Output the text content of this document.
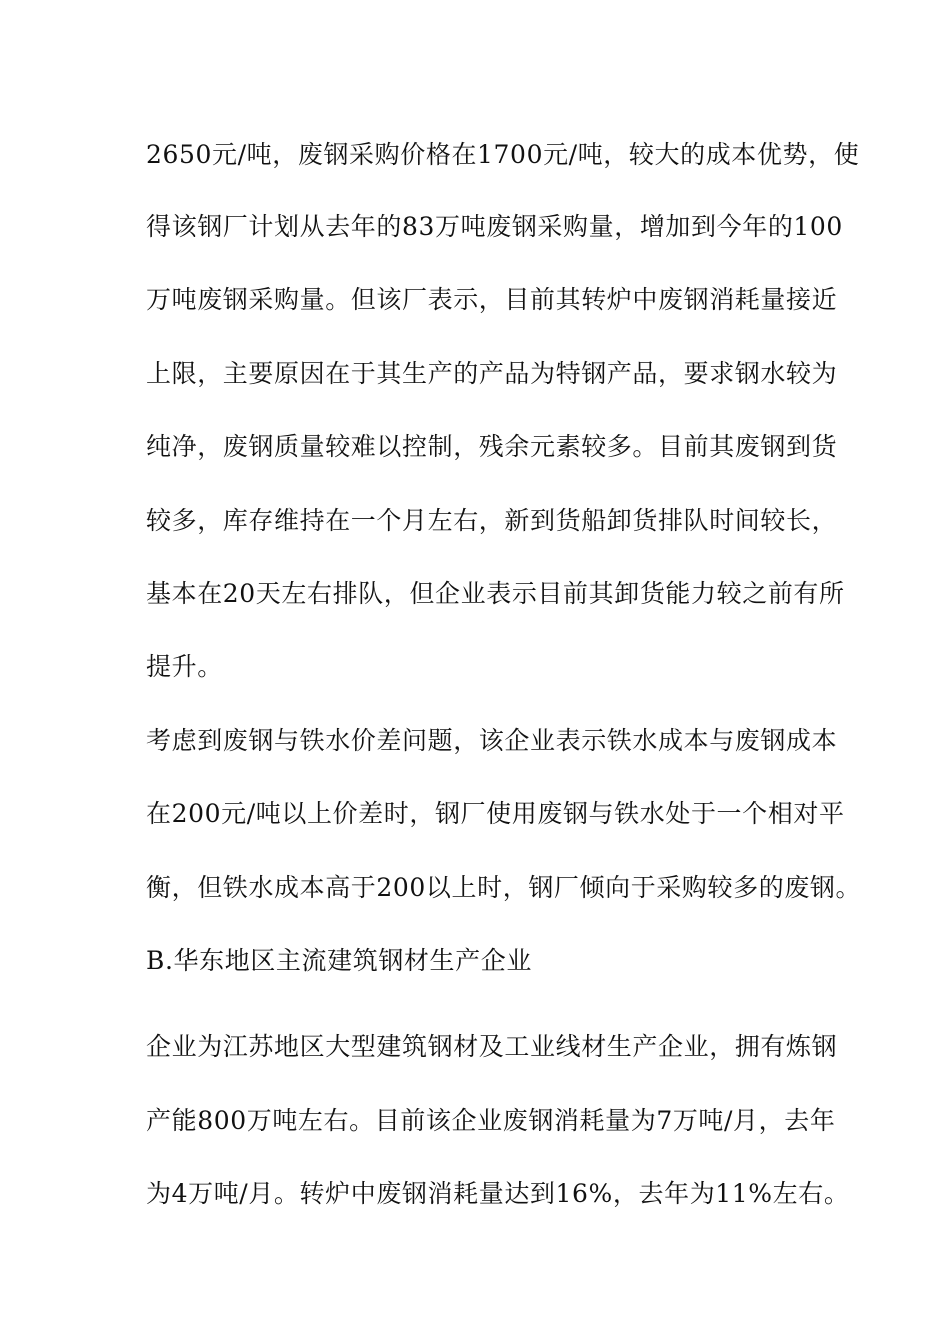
2650元/吨，废钢采购价格在1700元/吨，较大的成本优势，使
得该钢厂计划从去年的83万吨废钢采购量，增加到今年的100
万吨废钢采购量。但该厂表示，目前其转炉中废钢消耗量接近
上限，主要原因在于其生产的产品为特钢产品，要求钢水较为
纯净，废钢质量较难以控制，残余元素较多。目前其废钢到货
较多，库存维持在一个月左右，新到货船卸货排队时间较长，
基本在20天左右排队，但企业表示目前其卸货能力较之前有所
提升。
考虑到废钢与铁水价差问题，该企业表示铁水成本与废钢成本
在200元/吨以上价差时，钢厂使用废钢与铁水处于一个相对平
衡，但铁水成本高于200以上时，钢厂倾向于采购较多的废钢。
B.华东地区主流建筑钢材生产企业
企业为江苏地区大型建筑钢材及工业线材生产企业，拥有炼钢
产能800万吨左右。目前该企业废钢消耗量为7万吨/月，去年
为4万吨/月。转炉中废钢消耗量达到16%，去年为11%左右。
